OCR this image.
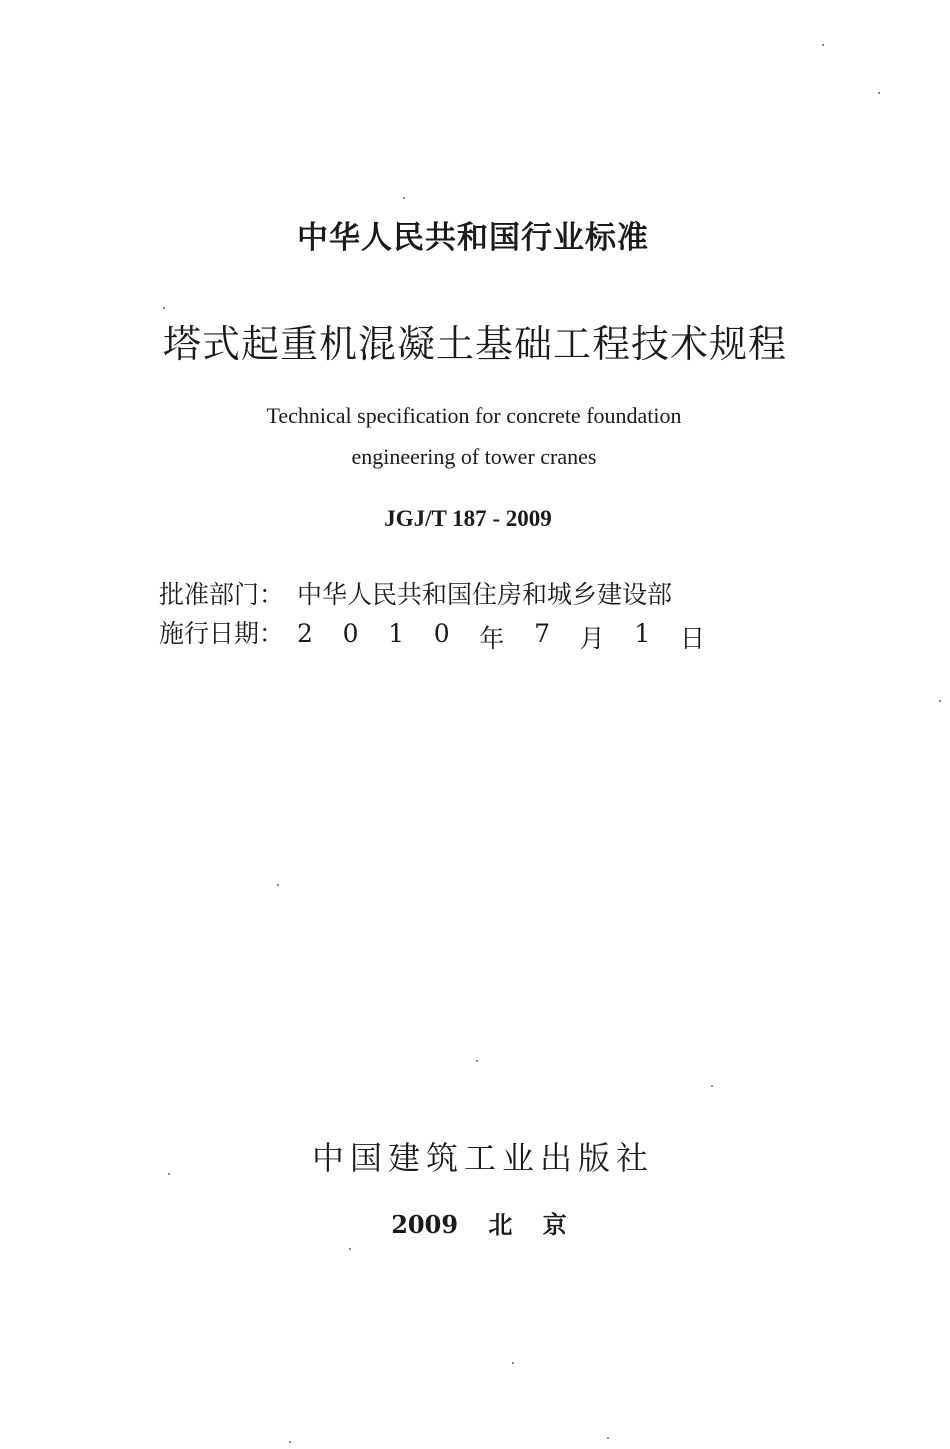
中华人民共和国行业标准
塔式起重机混凝土基础工程技术规程
Technical specification for concrete foundation
engineering of tower cranes
JGJ/T 187 - 2009
批准部门： 中华人民共和国住房和城乡建设部
施行日期： 2 0 1 0 年 7 月 1 日
中国建筑工业出版社
2009 北 京
